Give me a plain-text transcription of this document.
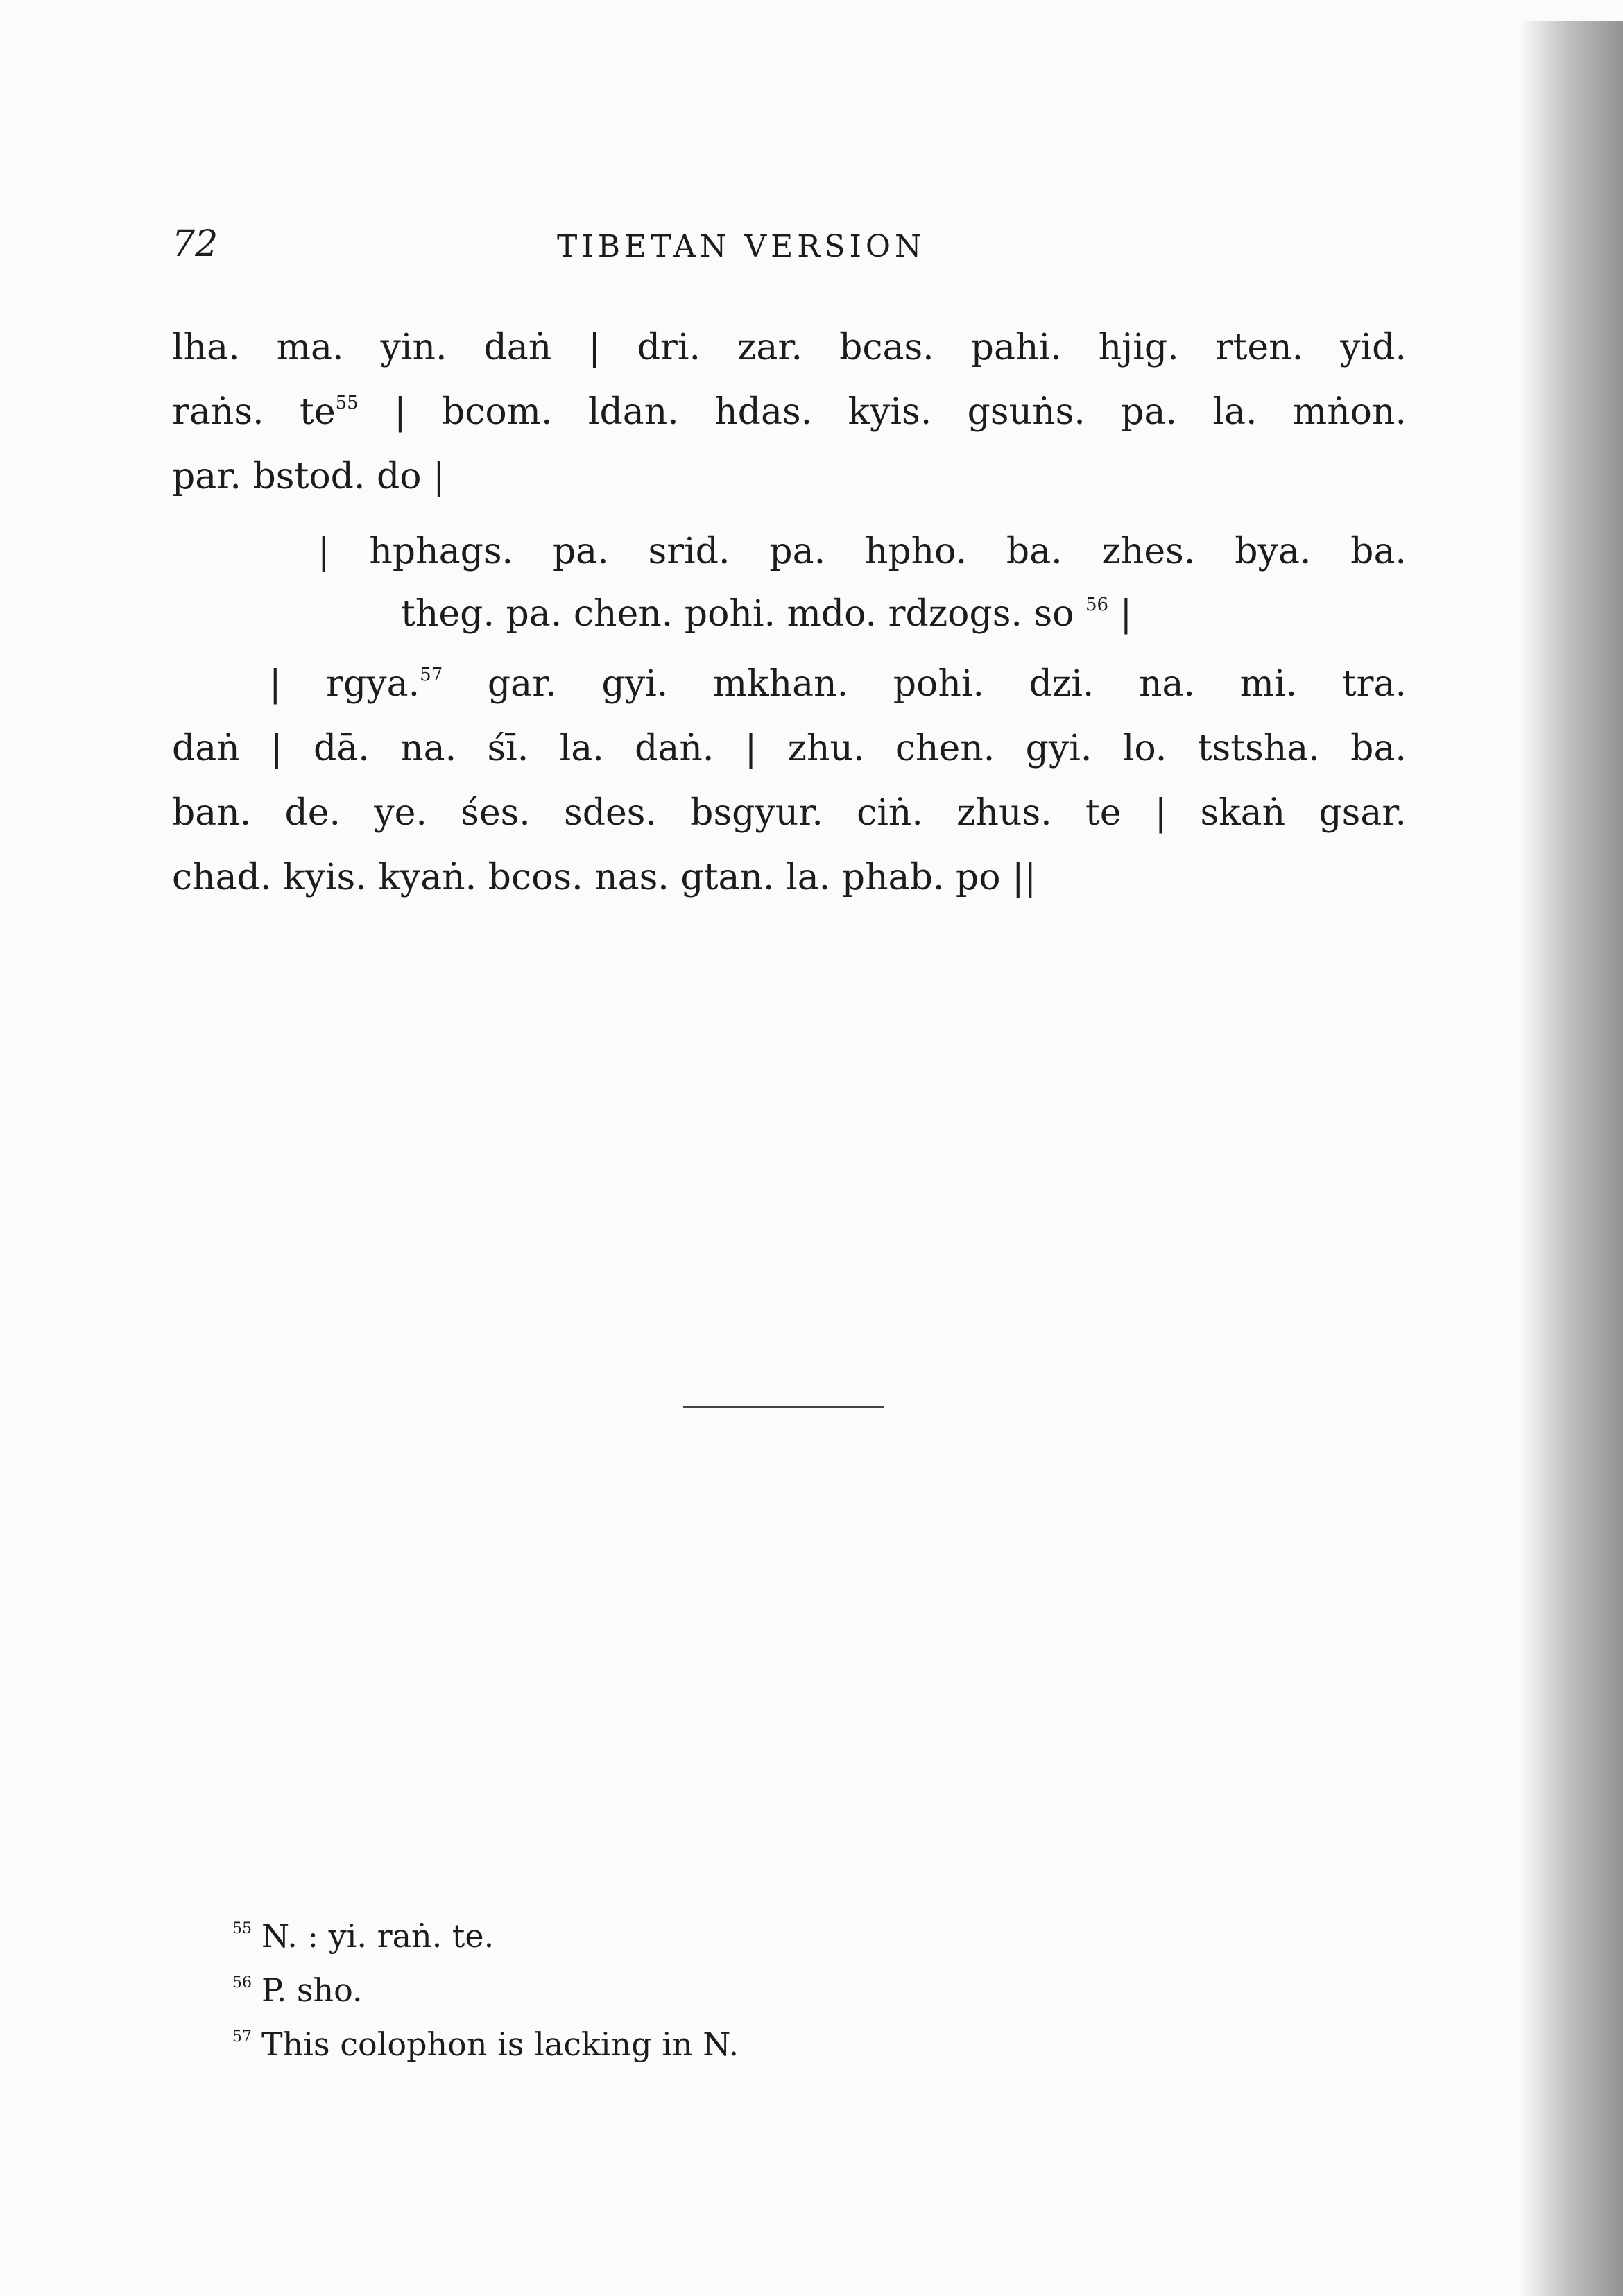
72	TIBETAN VERSION
lha. ma. yin. daṅ | dri. zar. bcas. pahi. hjig. rten. yid.
raṅs. $te^{55}$ | bcom. ldan. hdas. kyis. gsuṅs. pa. la. mṅon.
par. bstod. do |
| hphags. pa. srid. pa. hpho. ba. zhes. bya. ba.
theg. pa. chen. pohi. mdo. rdzogs. so $^{56}$ |
| rgya.$^{57}$ gar. gyi. mkhan. pohi. dzi. na. mi. tra.
daṅ | dā. na. śī. la. daṅ. | zhu. chen. gyi. lo. tstsha. ba.
ban. de. ye. śes. sdes. bsgyur. ciṅ. zhus. te | skaṅ gsar.
chad. kyis. kyaṅ. bcos. nas. gtan. la. phab. po ||
$^{55}$ N. : yi. raṅ. te.
$^{56}$ P. sho.
$^{57}$ This colophon is lacking in N.
